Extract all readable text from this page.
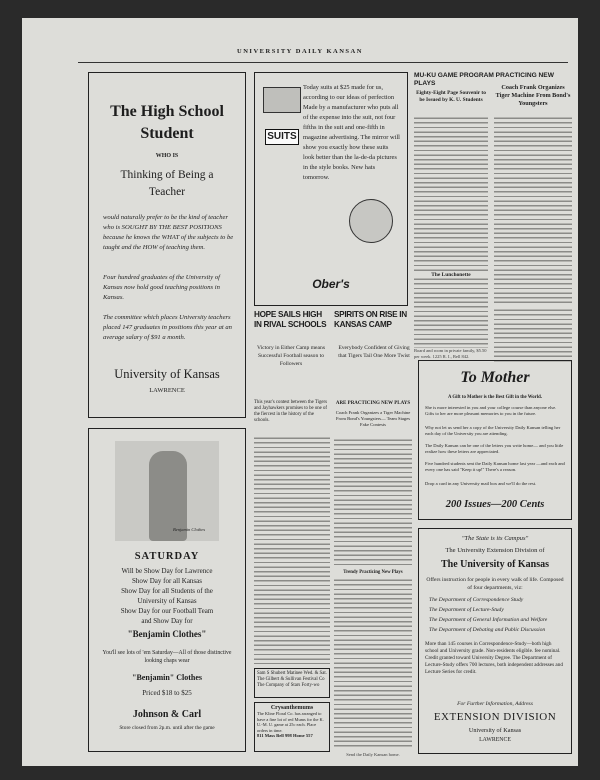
UNIVERSITY DAILY KANSAN
The High School
Student
WHO IS
Thinking of Being a
Teacher
would naturally prefer to be the kind of teacher who is SOUGHT BY THE BEST POSITIONS because he knows the WHAT of the subjects to be taught and the HOW of teaching them.
Four hundred graduates of the University of Kansas now hold good teaching positions in Kansas.
The committee which places University teachers placed 147 graduates in positions this year at an average salary of $91 a month.
University of Kansas
LAWRENCE
SUITS
Today suits at $25 made for us, according to our ideas of perfection Made by a manufacturer who puts all of the expense into the suit, not four fifths in the suit and one-fifth in magazine advertising. The mirror will show you exactly how these suits look better than the la-de-da pictures in the style books. New hats tomorrow.
Ober's
MU-KU GAME PROGRAM PRACTICING NEW PLAYS
Eighty-Eight Page Souvenir to be Issued by K. U. Students
Coach Frank Organizes Tiger Machine From Bond's Youngsters
The Lunchonette
Board and room in private family, $5.50 per week. 1225 R. I., Bell 842.
HOPE SAILS HIGH IN RIVAL SCHOOLS
SPIRITS ON RISE IN KANSAS CAMP
Victory in Either Camp means Successful Football season to Followers
Everybody Confident of Giving that Tigers Tail One More Twist
This year's contest between the Tigers and Jayhawkers promises to be one of the fiercest in the history of the schools.
ARE PRACTICING NEW PLAYS
Coach Frank Organizes a Tiger Machine From Bond's Youngsters— Team Stages Fake Contests
Trendy Practicing New Plays
Send the Daily Kansan home.
Benjamin Clothes
SATURDAY
Will be Show Day for Lawrence
Show Day for all Kansas
Show Day for all Students of the
University of Kansas
Show Day for our Football Team
and Show Day for
"Benjamin Clothes"
You'll see lots of 'em Saturday—All of those distinctive looking chaps wear
"Benjamin" Clothes
Priced $18 to $25
Johnson & Carl
Store closed from 2p.m. until after the game
Sam S Shubert Matinee Wed. & Sat.
The Gilbert & Sullivan Festival Co
The Company of Stars Forty-wo
Crysanthemums
The Kline Floral Co. has arranged to have a fine lot of red Mums for the K. U.-M. U. game at 25c each. Place orders in time.
811 Mass Bell 998 Home 557
To Mother
A Gift to Mother is the Best Gift in the World.
She is more interested in you and your college course than anyone else. Gifts to her are more pleasant memories to you in the future.
Why not let us send her a copy of the University Daily Kansan telling her each day of the University you are attending.
The Daily Kansan can be one of the letters you write home— and you little realize how these letters are appreciated.
Five hundred students sent the Daily Kansan home last year —and each and every one has said "Keep it up!" There's a reason.
Drop a card in any University mail box and we'll do the rest.
200 Issues—200 Cents
"The State is its Campus"
The University Extension Division of
The University of Kansas
Offers instruction for people in every walk of life. Composed of four departments, viz:
The Department of Correspondence Study
The Department of Lecture-Study
The Department of General Information and Welfare
The Department of Debating and Public Discussion
More than 145 courses in Correspondence-Study—both high school and University grade. Non-residents eligible. fee nominal. Credit granted toward University Degree. The Department of Lecture-Study offers 700 lectures, both independent addresses and Lecture Series for credit.
For Further Information, Address
EXTENSION DIVISION
University of Kansas
LAWRENCE
